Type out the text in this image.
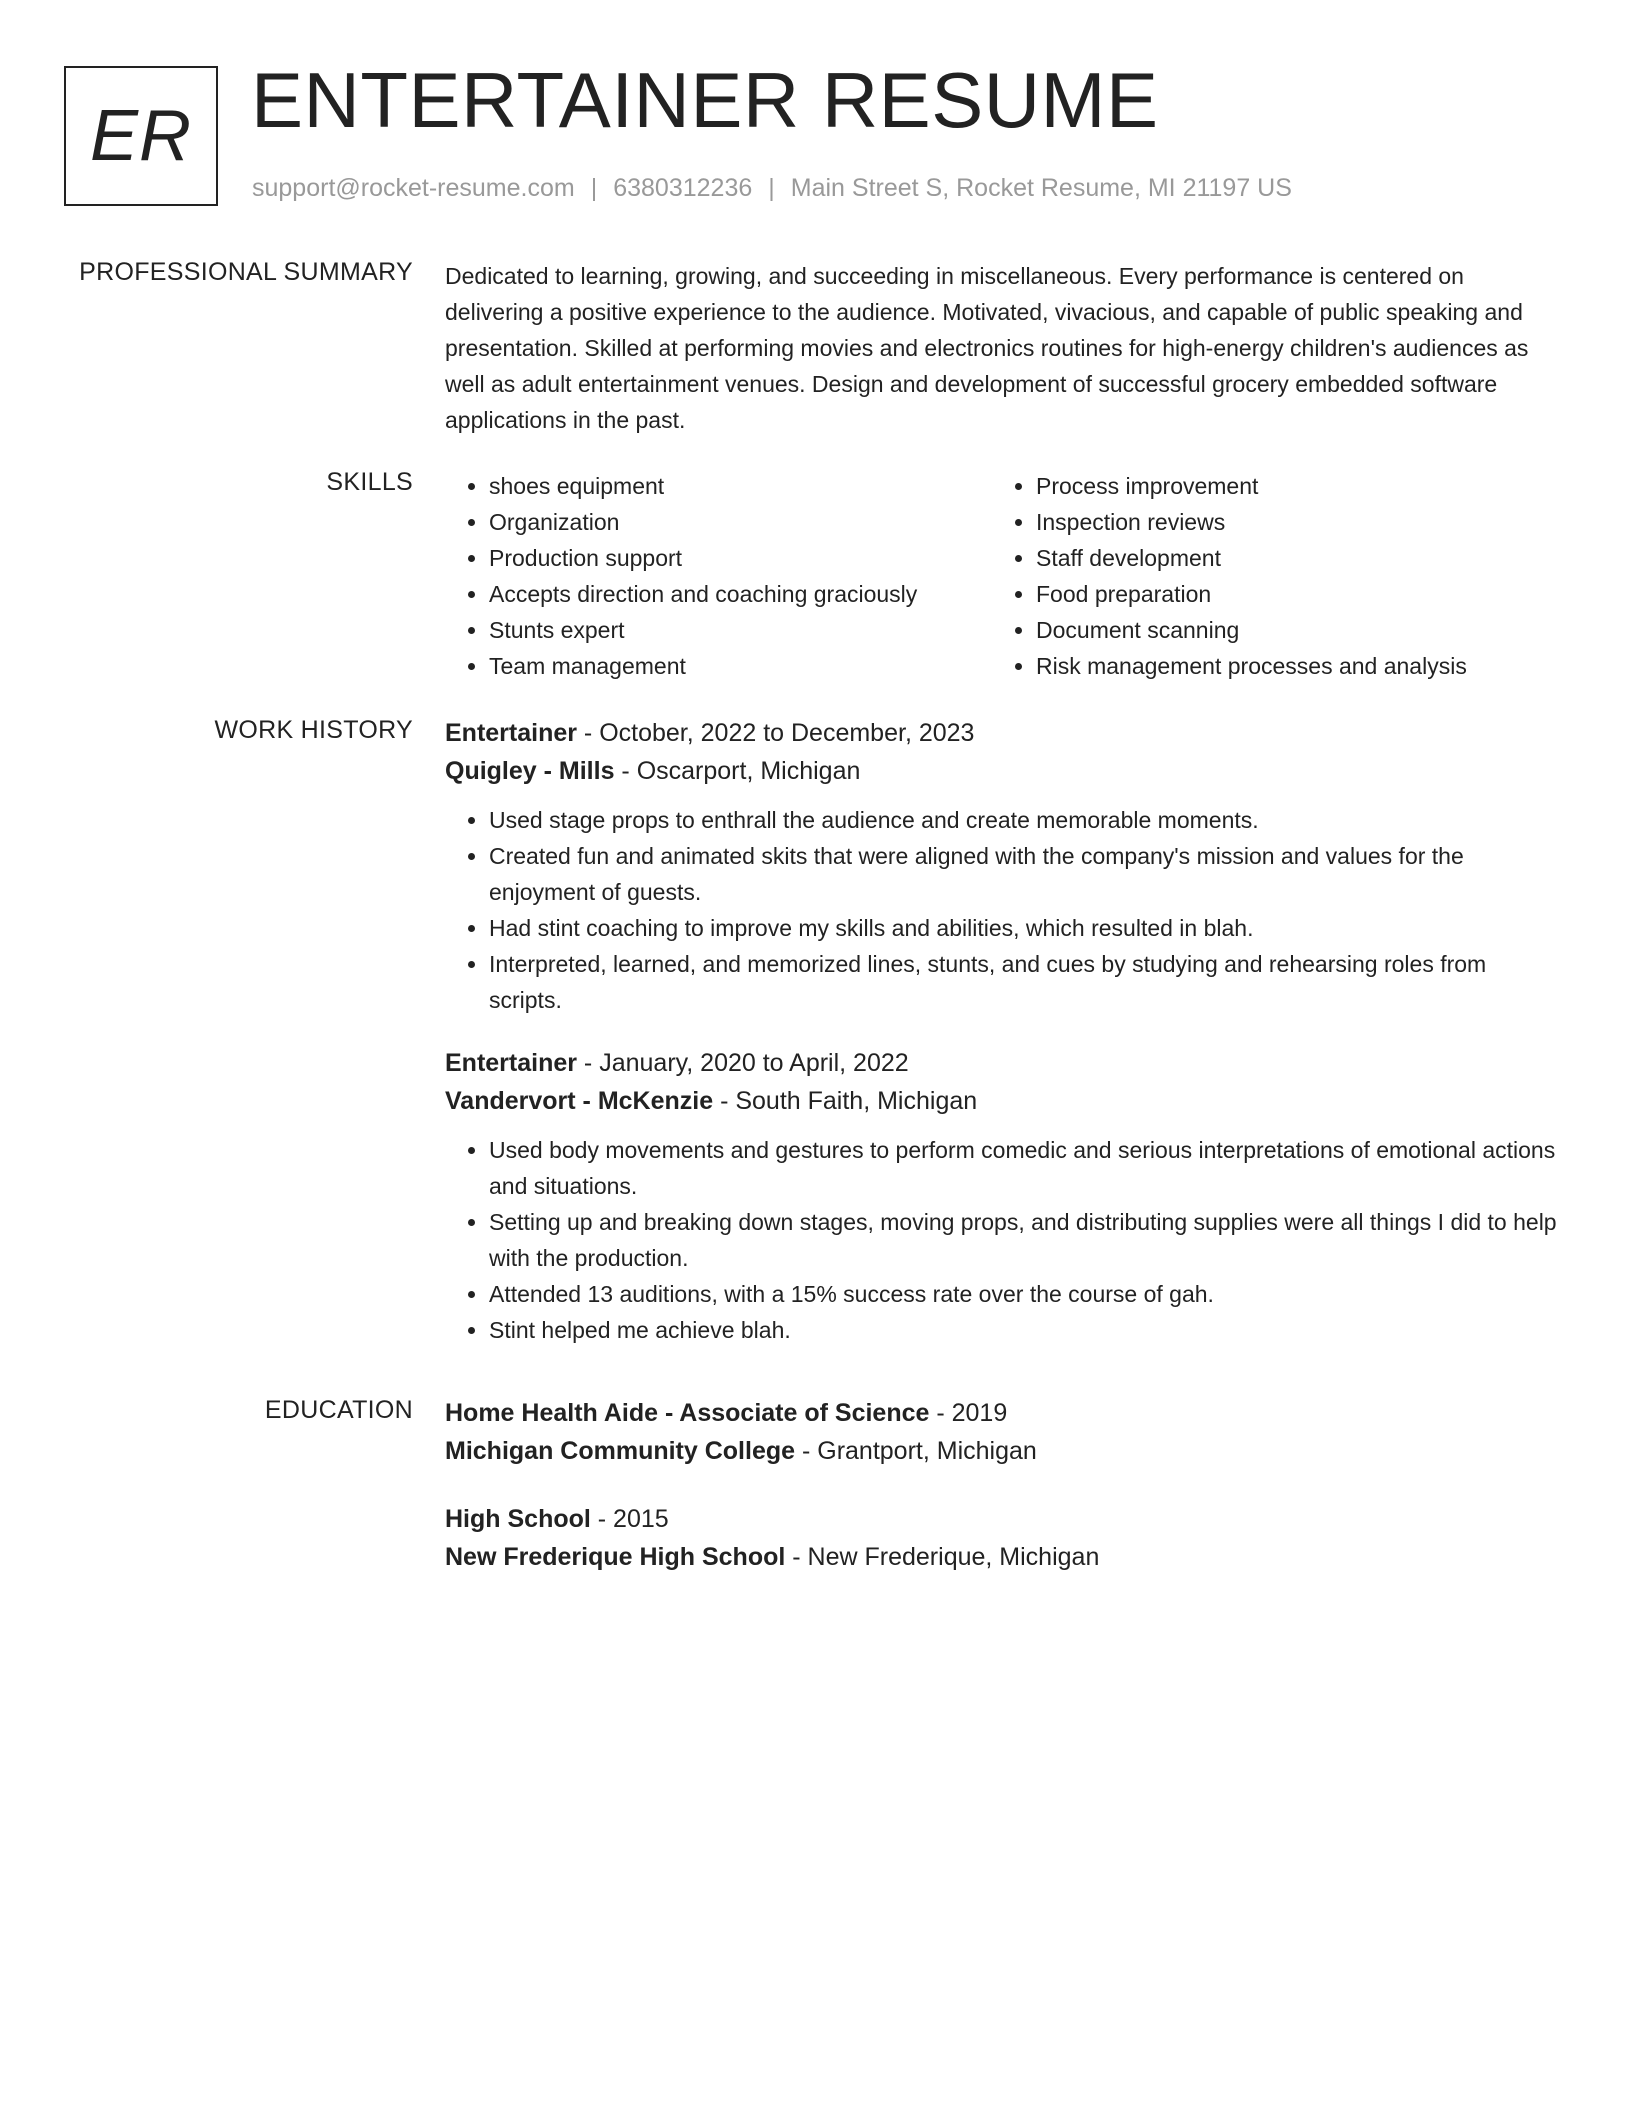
ER ENTERTAINER RESUME
support@rocket-resume.com | 6380312236 | Main Street S, Rocket Resume, MI 21197 US
PROFESSIONAL SUMMARY Dedicated to learning, growing, and succeeding in miscellaneous. Every performance is centered on delivering a positive experience to the audience. Motivated, vivacious, and capable of public speaking and presentation. Skilled at performing movies and electronics routines for high-energy children's audiences as well as adult entertainment venues. Design and development of successful grocery embedded software applications in the past.

SKILLS
•	shoes equipment
• Organization
• Production support
• Accepts direction and coaching graciously
• Stunts expert
• Team management
• Process improvement
• Inspection reviews
• Staff development
• Food preparation
• Document scanning
• Risk management processes and analysis
WORK HISTORY Entertainer - October, 2022 to December, 2023
Quigley - Mills - Oscarport, Michigan
• Used stage props to enthrall the audience and create memorable moments.
• Created fun and animated skits that were aligned with the company's mission and values for the enjoyment of guests.
• Had stint coaching to improve my skills and abilities, which resulted in blah.
• Interpreted, learned, and memorized lines, stunts, and cues by studying and rehearsing roles from scripts.
Entertainer - January, 2020 to April, 2022
Vandervort - McKenzie - South Faith, Michigan
• Used body movements and gestures to perform comedic and serious interpretations of emotional actions and situations.
• Setting up and breaking down stages, moving props, and distributing supplies were all things I did to help with the production.
• Attended 13 auditions, with a 15% success rate over the course of gah.
• Stint helped me achieve blah.
EDUCATION Home Health Aide - Associate of Science - 2019
Michigan Community College - Grantport, Michigan
High School - 2015
New Frederique High School - New Frederique, Michigan
